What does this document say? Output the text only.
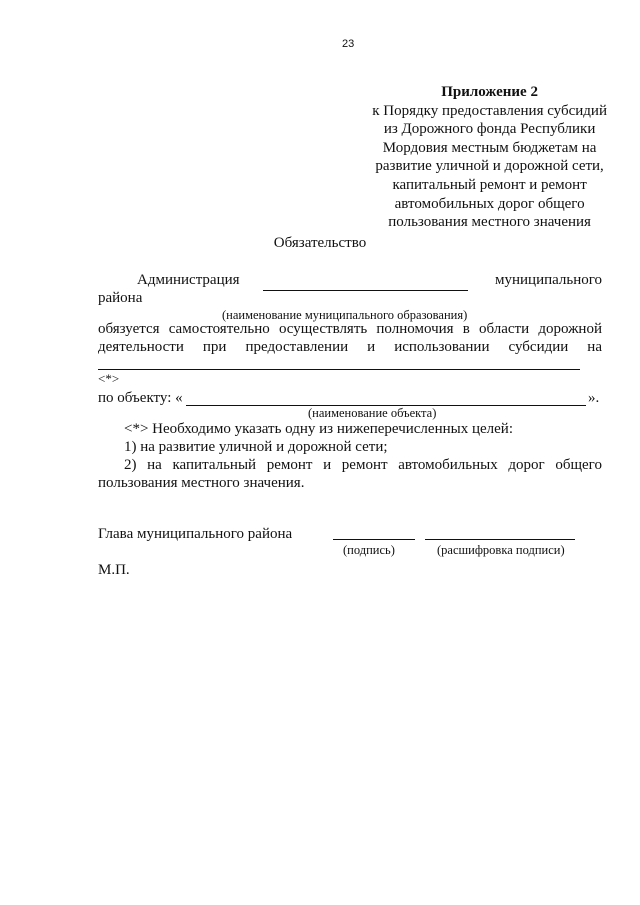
23
Приложение 2
к Порядку предоставления субсидий
из Дорожного фонда Республики
Мордовия местным бюджетам на
развитие уличной и дорожной сети,
капитальный ремонт и ремонт
автомобильных дорог общего
пользования местного значения
Обязательство
Администрация	муниципального
района
(наименование муниципального образования)
обязуется самостоятельно осуществлять полномочия в области дорожной
деятельности при предоставлении и использовании субсидии на
<*>
по объекту: «	».
(наименование объекта)
<*> Необходимо указать одну из нижеперечисленных целей:
1) на развитие уличной и дорожной сети;
2) на капитальный ремонт и ремонт автомобильных дорог общего
пользования местного значения.
Глава муниципального района
(подпись)	(расшифровка подписи)
М.П.
